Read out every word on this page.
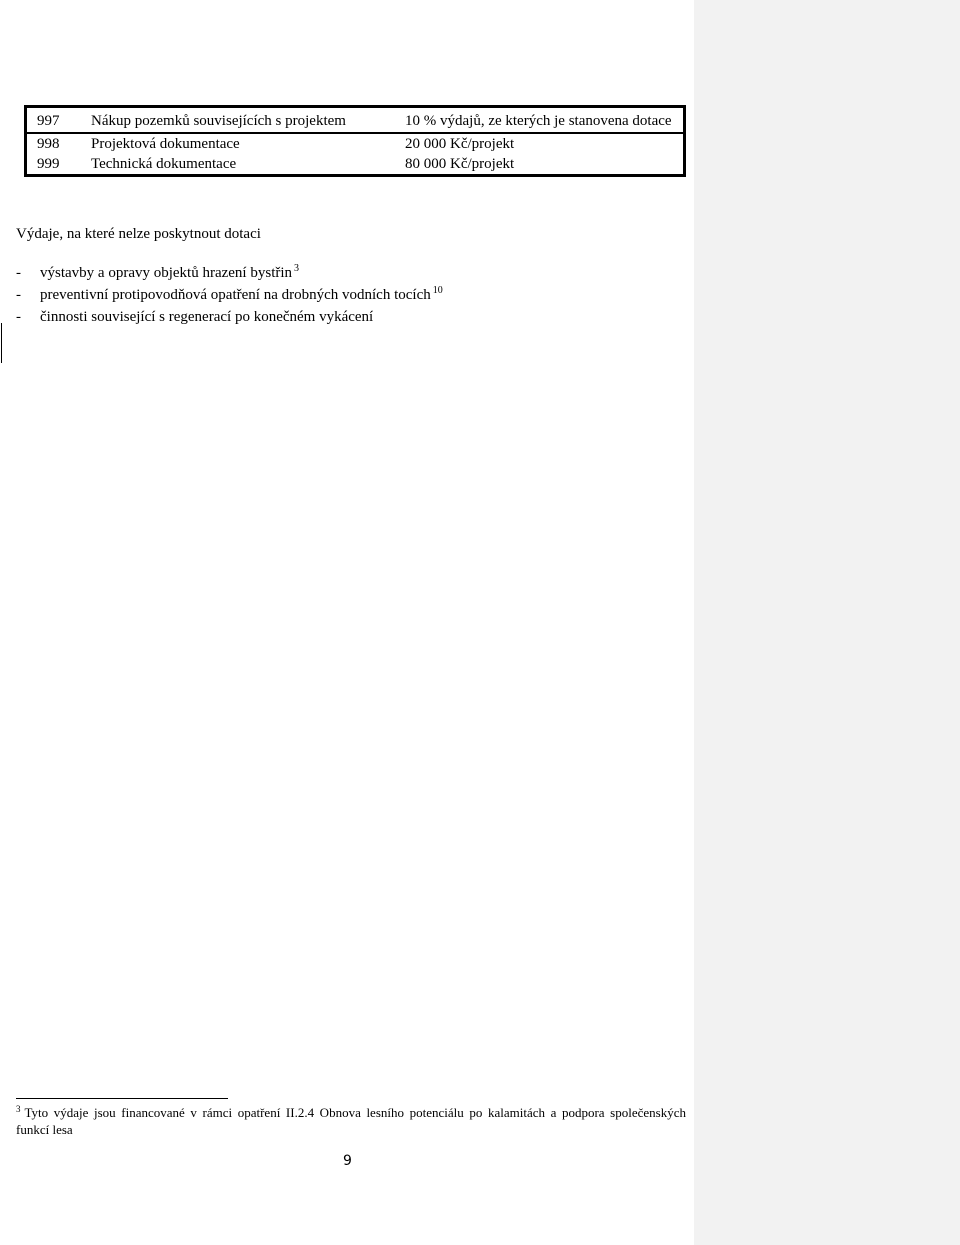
997	Nákup pozemků souvisejících s projektem	10 % výdajů, ze kterých je stanovena dotace
998	Projektová dokumentace	20 000 Kč/projekt
999	Technická dokumentace	80 000 Kč/projekt
Výdaje, na které nelze poskytnout dotaci
- výstavby a opravy objektů hrazení bystřin $^3$
- preventivní protipovodňová opatření na drobných vodních tocích $^{10}$
- činnosti související s regenerací po konečném vykácení
$^3$ Tyto výdaje jsou financované v rámci opatření II.2.4 Obnova lesního potenciálu po kalamitách a podpora společenských funkcí lesa
9
